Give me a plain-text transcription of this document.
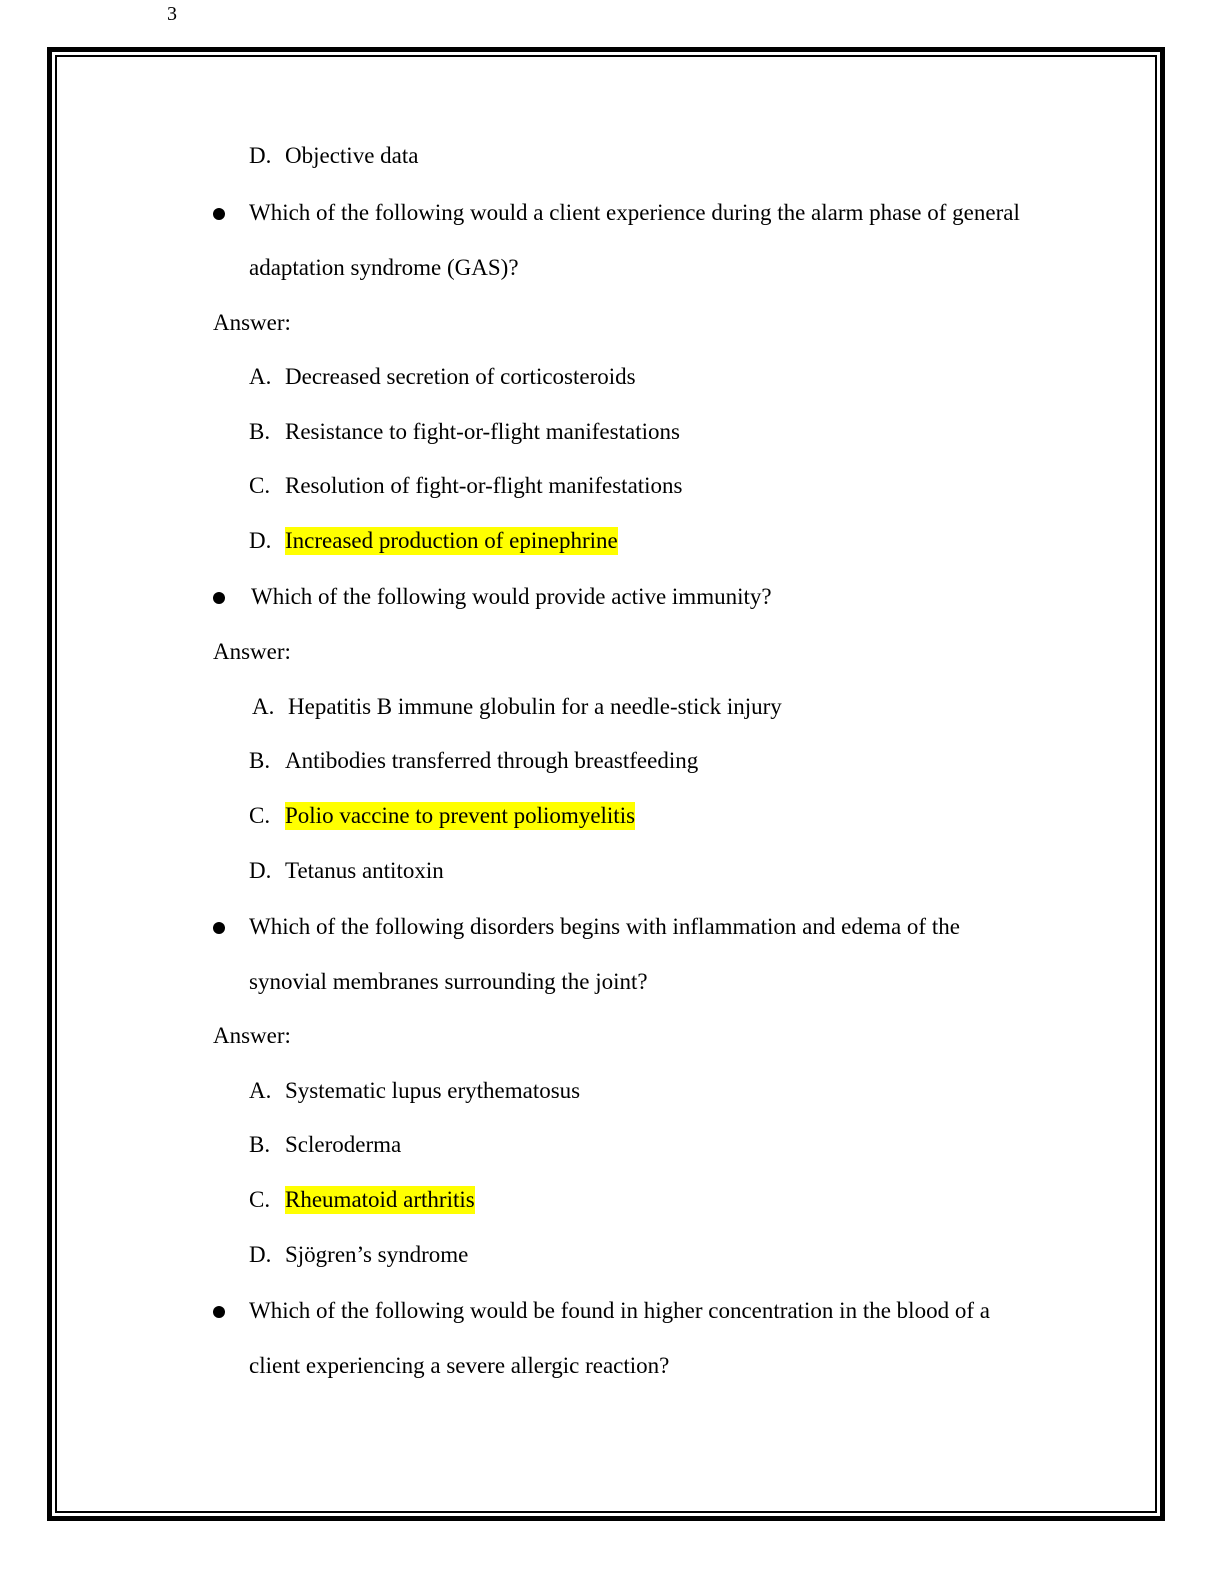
3
D. Objective data
Which of the following would a client experience during the alarm phase of general
adaptation syndrome (GAS)?
Answer:
A. Decreased secretion of corticosteroids
B. Resistance to fight-or-flight manifestations
C. Resolution of fight-or-flight manifestations
D. Increased production of epinephrine
Which of the following would provide active immunity?
Answer:
A. Hepatitis B immune globulin for a needle-stick injury
B. Antibodies transferred through breastfeeding
C. Polio vaccine to prevent poliomyelitis
D. Tetanus antitoxin
Which of the following disorders begins with inflammation and edema of the
synovial membranes surrounding the joint?
Answer:
A. Systematic lupus erythematosus
B. Scleroderma
C. Rheumatoid arthritis
D. Sjögren’s syndrome
Which of the following would be found in higher concentration in the blood of a
client experiencing a severe allergic reaction?
